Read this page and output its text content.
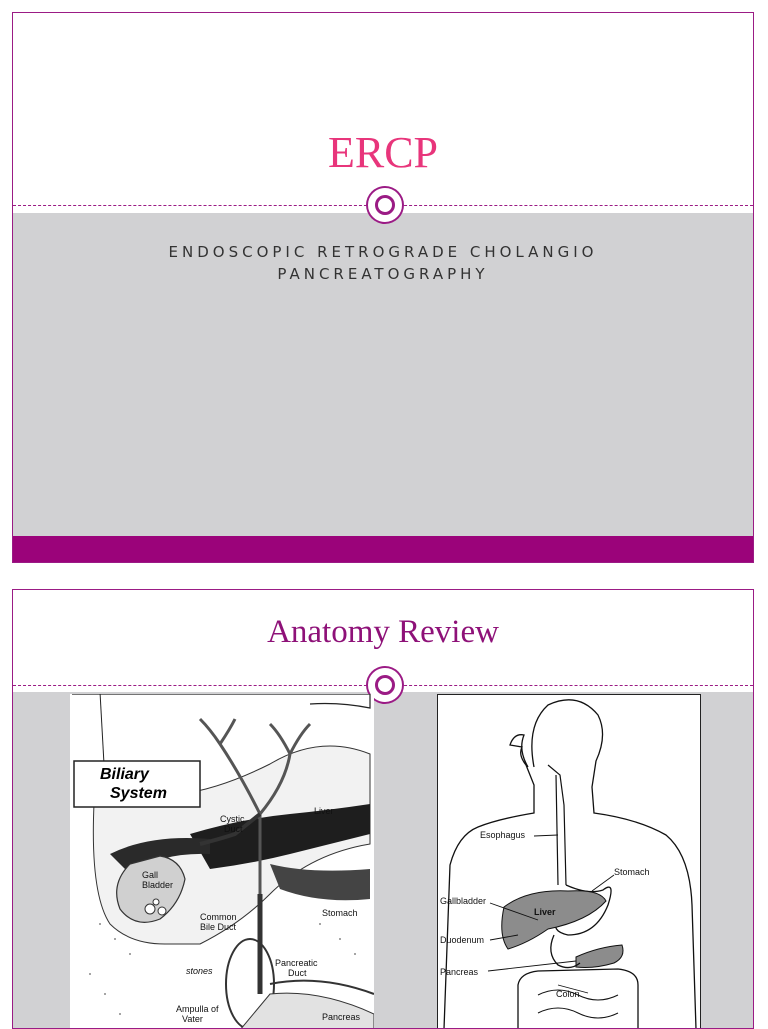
ERCP
ENDOSCOPIC RETROGRADE CHOLANGIO
PANCREATOGRAPHY
Anatomy Review
Biliary
System
Liver
Cystic
Duct
Gall
Bladder
Stomach
Common
Bile Duct
stones
Pancreatic
Duct
Ampulla of
Vater	Pancreas
Esophagus
Stomach
Gallbladder
Liver
Duodenum
Pancreas
Colon
